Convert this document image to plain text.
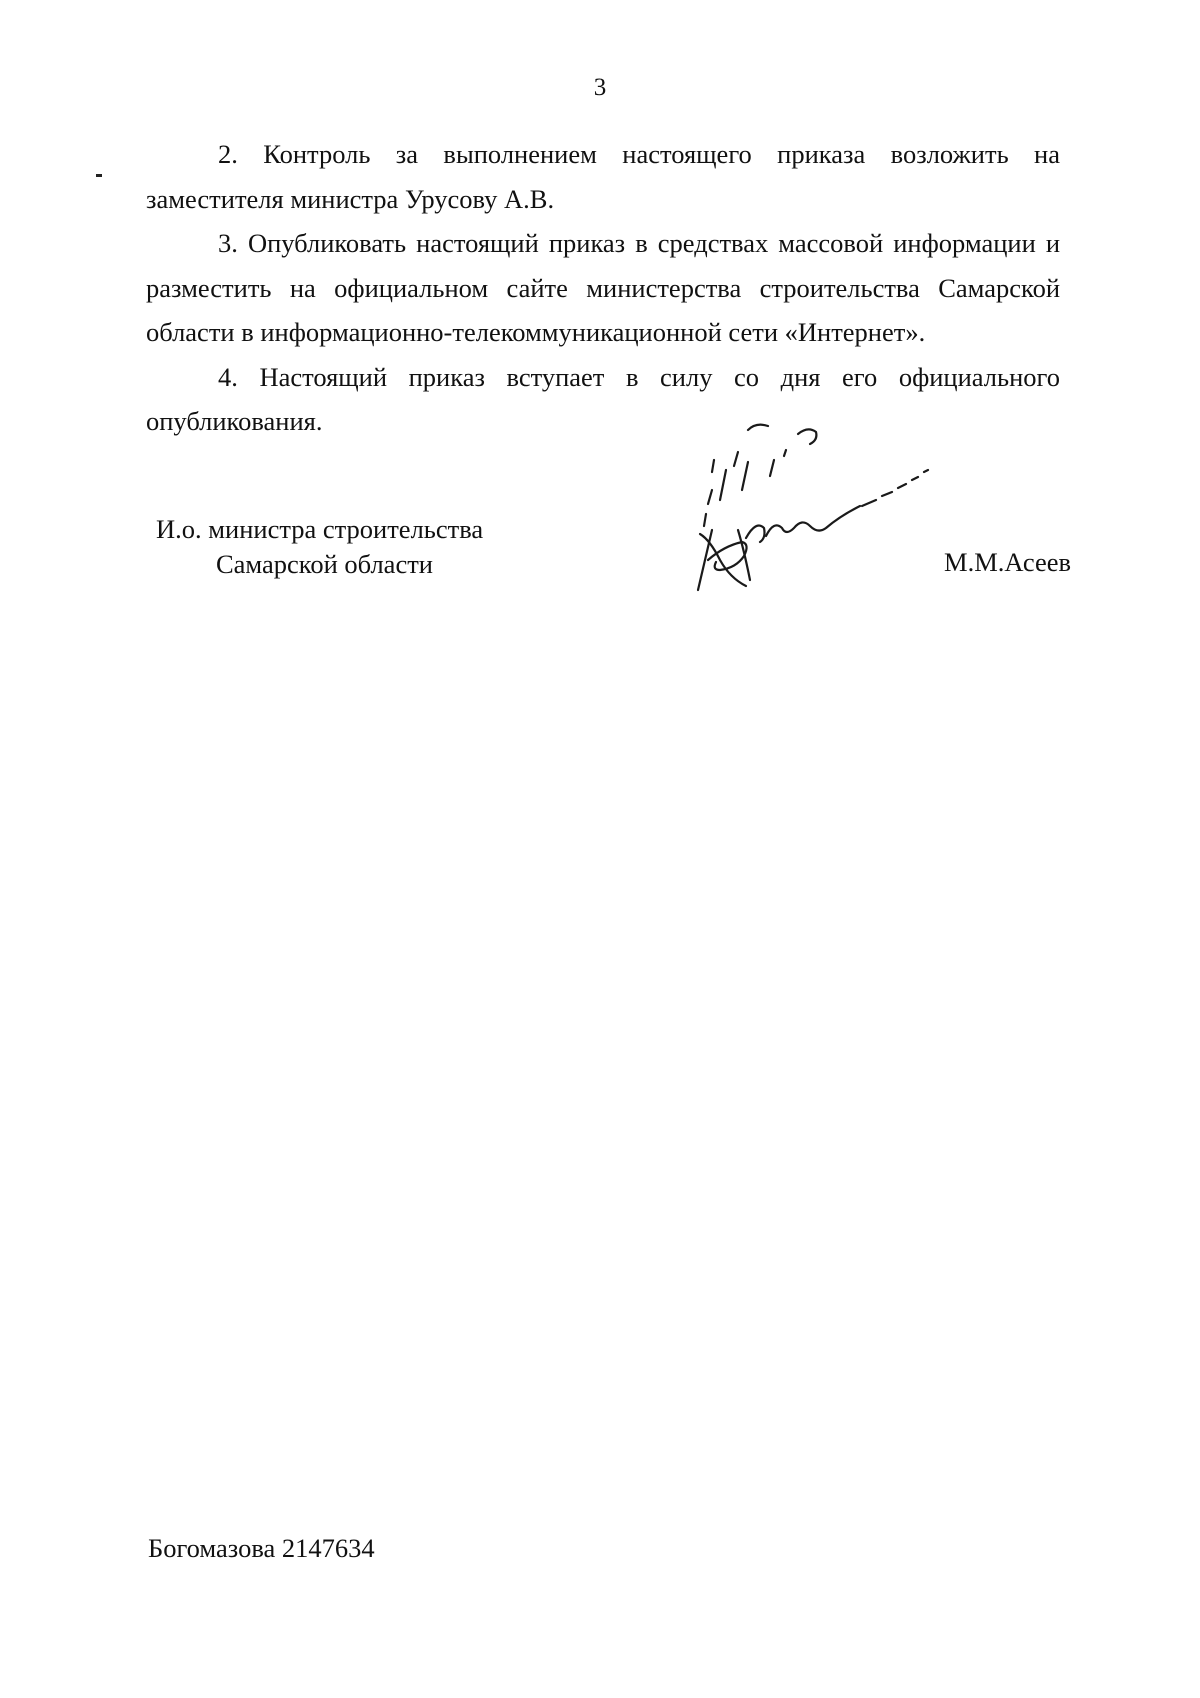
3

2. Контроль за выполнением настоящего приказа возложить на заместителя министра Урусову А.В.

3. Опубликовать настоящий приказ в средствах массовой информации и разместить на официальном сайте министерства строительства Самарской области в информационно-телекоммуникационной сети «Интернет».

4. Настоящий приказ вступает в силу со дня его официального опубликования.

И.о. министра строительства
Самарской области	М.М.Асеев
Богомазова 2147634
